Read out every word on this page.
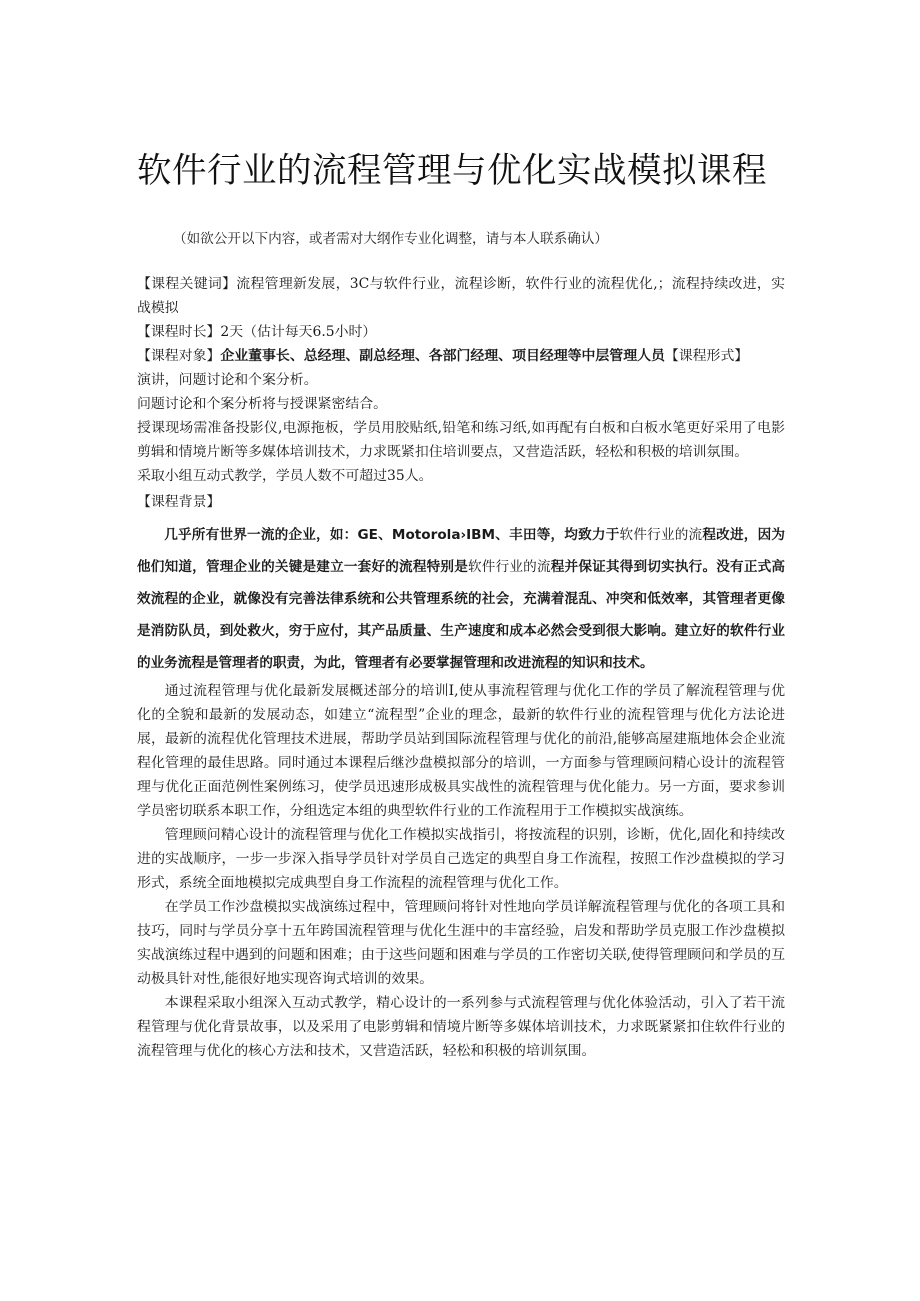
软件行业的流程管理与优化实战模拟课程

（如欲公开以下内容，或者需对大纲作专业化调整，请与本人联系确认）

【课程关键词】流程管理新发展，3C与软件行业，流程诊断，软件行业的流程优化,；流程持续改进，实战模拟

【课程时长】2天（估计每天6.5小时）

【课程对象】企业董事长、总经理、副总经理、各部门经理、项目经理等中层管理人员【课程形式】

演讲，问题讨论和个案分析。

问题讨论和个案分析将与授课紧密结合。

授课现场需准备投影仪,电源拖板，学员用胶贴纸,铅笔和练习纸,如再配有白板和白板水笔更好采用了电影剪辑和情境片断等多媒体培训技术，力求既紧扣住培训要点，又营造活跃，轻松和积极的培训氛围。

采取小组互动式教学，学员人数不可超过35人。

【课程背景】

几乎所有世界一流的企业，如：GE、Motorola›IBM、丰田等，均致力于软件行业的流程改进，因为他们知道，管理企业的关键是建立一套好的流程特别是软件行业的流程并保证其得到切实执行。没有正式高效流程的企业，就像没有完善法律系统和公共管理系统的社会，充满着混乱、冲突和低效率，其管理者更像是消防队员，到处救火，穷于应付，其产品质量、生产速度和成本必然会受到很大影响。建立好的软件行业的业务流程是管理者的职责，为此，管理者有必要掌握管理和改进流程的知识和技术。

通过流程管理与优化最新发展概述部分的培训I,使从事流程管理与优化工作的学员了解流程管理与优化的全貌和最新的发展动态，如建立“流程型”企业的理念，最新的软件行业的流程管理与优化方法论进展，最新的流程优化管理技术进展，帮助学员站到国际流程管理与优化的前沿,能够高屋建瓶地体会企业流程化管理的最佳思路。同时通过本课程后继沙盘模拟部分的培训，一方面参与管理顾问精心设计的流程管理与优化正面范例性案例练习，使学员迅速形成极具实战性的流程管理与优化能力。另一方面，要求参训学员密切联系本职工作，分组选定本组的典型软件行业的工作流程用于工作模拟实战演练。

管理顾问精心设计的流程管理与优化工作模拟实战指引，将按流程的识别，诊断，优化,固化和持续改进的实战顺序，一步一步深入指导学员针对学员自己选定的典型自身工作流程，按照工作沙盘模拟的学习形式，系统全面地模拟完成典型自身工作流程的流程管理与优化工作。

在学员工作沙盘模拟实战演练过程中，管理顾问将针对性地向学员详解流程管理与优化的各项工具和技巧，同时与学员分享十五年跨国流程管理与优化生涯中的丰富经验，启发和帮助学员克服工作沙盘模拟实战演练过程中遇到的问题和困难；由于这些问题和困难与学员的工作密切关联,使得管理顾问和学员的互动极具针对性,能很好地实现咨询式培训的效果。

本课程采取小组深入互动式教学，精心设计的一系列参与式流程管理与优化体验活动，引入了若干流程管理与优化背景故事，以及采用了电影剪辑和情境片断等多媒体培训技术，力求既紧紧扣住软件行业的流程管理与优化的核心方法和技术，又营造活跃，轻松和积极的培训氛围。
